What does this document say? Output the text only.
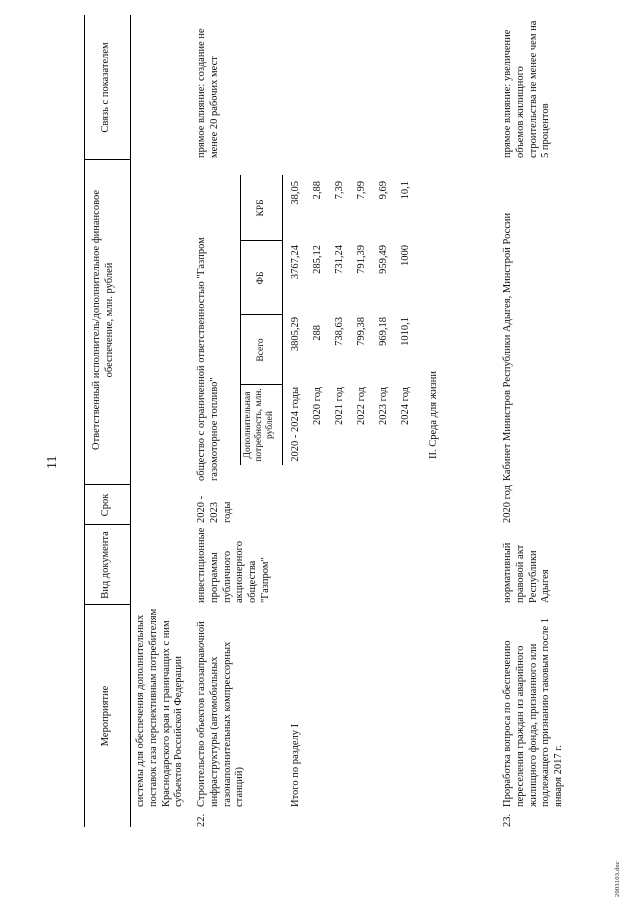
11
Мероприятие
Вид документа
Срок
Ответственный исполнитель/дополнительное финансовое обеспечение, млн. рублей
Связь с показателем
системы для обеспечения дополнительных поставок газа перспективным потребителям Краснодарского края и граничащих с ним субъектов Российской Федерации
22.
Строительство объектов газозаправочной инфраструктуры (автомобильных газонаполнительных компрессорных станций)
инвестиционные программы публичного акционерного общества "Газпром"
2020 - 2023 годы
общество с ограниченной ответственностью "Газпром газомоторное топливо"
прямое влияние: создание не менее 20 рабочих мест
Дополнительная потребность, млн. рублей
Всего
ФБ
КРБ
2020 - 2024 годы
3805,29
3767,24
38,05
2020 год
288
285,12
2,88
2021 год
738,63
731,24
7,39
2022 год
799,38
791,39
7,99
2023 год
969,18
959,49
9,69
2024 год
1010,1
1000
10,1
Итого по разделу I
II. Среда для жизни
23.
Проработка вопроса по обеспечению переселения граждан из аварийного жилищного фонда, признанного или подлежащего признанию таковым после 1 января 2017 г.
нормативный правовой акт Республики Адыгея
2020 год
Кабинет Министров Республики Адыгея, Минстрой России
прямое влияние: увеличение объемов жилищного строительства не менее чем на 5 процентов
2003103.doc
